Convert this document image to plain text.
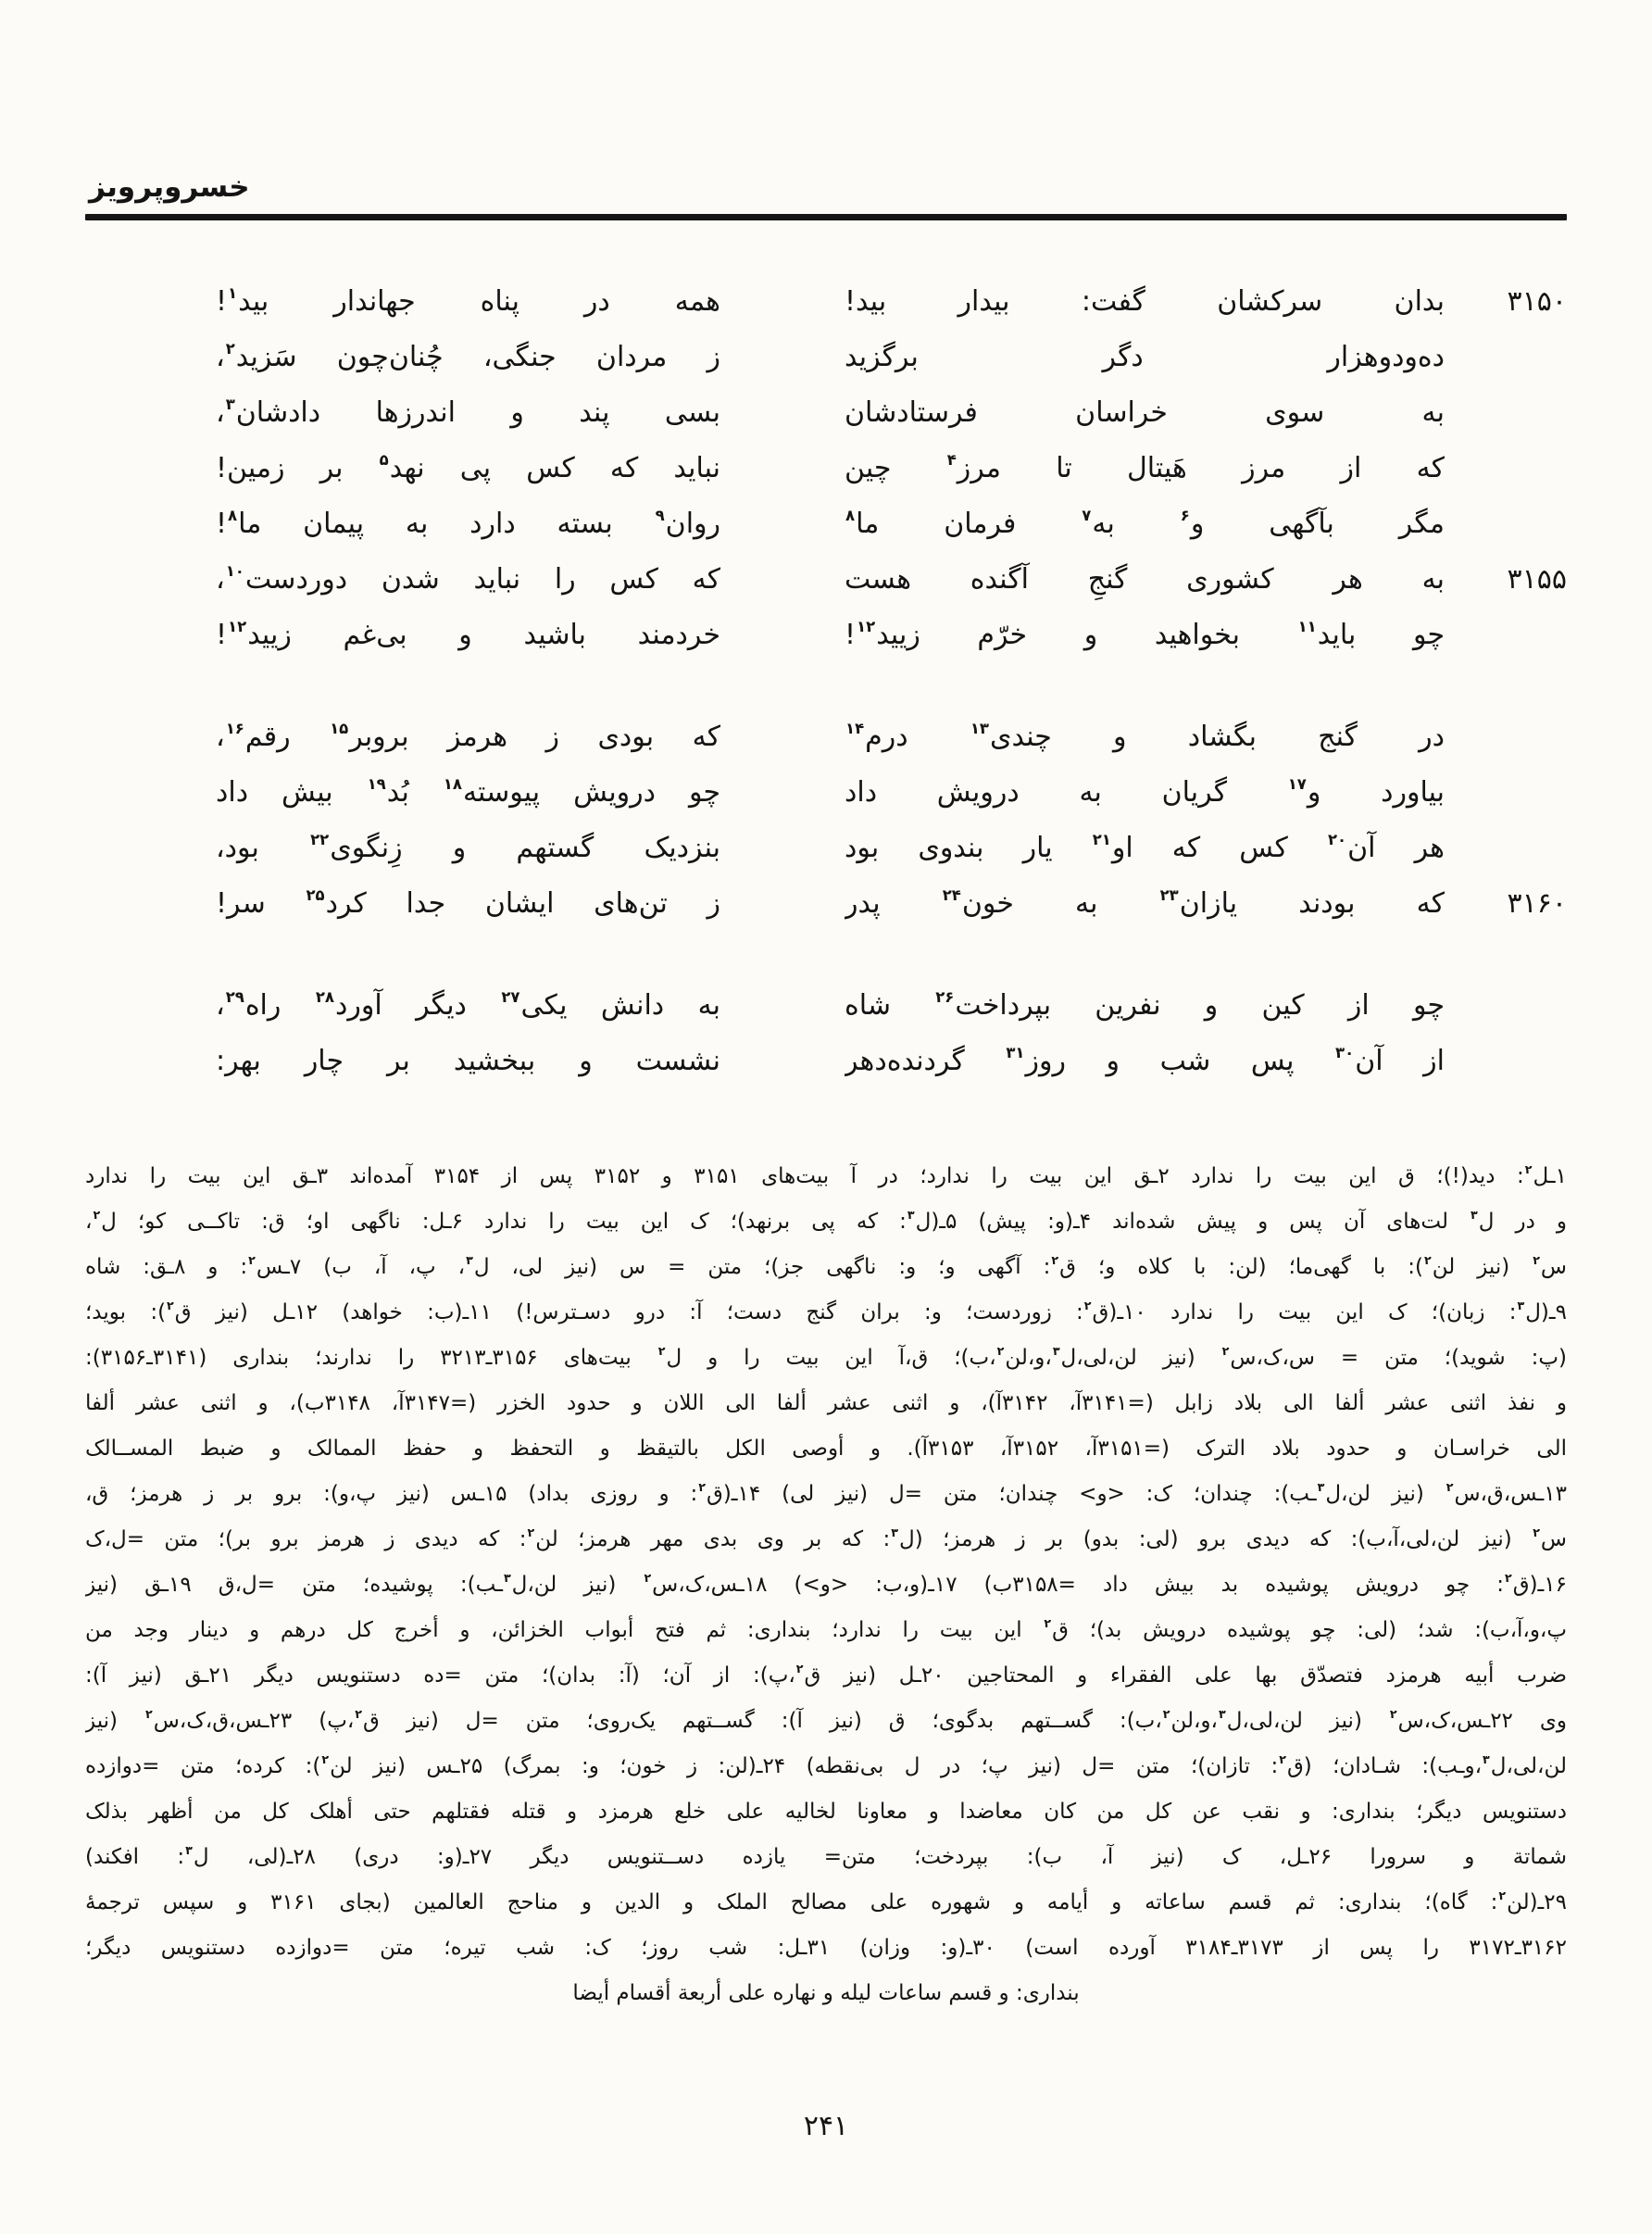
خسروپرویز
۳۱۵۰
بدان سرکشان گفت: بیدار بید!
همه در پناه جهاندار بید$^۱$!
ده‌ودوهزار دگر برگزید
ز مردان جنگی، چُنان‌چون سَزید$^۲$،
به سوی خراسان فرستادشان
بسی پند و اندرزها دادشان$^۳$،
که از مرز هَیتال تا مرز$^۴$ چین
نباید که کس پی نهد$^۵$ بر زمین!
مگر بآگهی و$^۶$ به$^۷$ فرمان ما$^۸$
روان$^۹$ بسته دارد به پیمان ما$^۸$!
۳۱۵۵
به هر کشوری گنجِ آگنده هست
که کس را نباید شدن دوردست$^{۱۰}$،
چو باید$^{۱۱}$ بخواهید و خرّم زیید$^{۱۲}$!
خردمند باشید و بی‌غم زیید$^{۱۲}$!
در گنج بگشاد و چندی$^{۱۳}$ درم$^{۱۴}$
که بودی ز هرمز بروبر$^{۱۵}$ رقم$^{۱۶}$،
بیاورد و$^{۱۷}$ گریان به درویش داد
چو درویش پیوسته$^{۱۸}$ بُد$^{۱۹}$ بیش داد
هر آن$^{۲۰}$ کس که او$^{۲۱}$ یار بندوی بود
بنزدیک گستهم و زِنگوی$^{۲۲}$ بود،
۳۱۶۰
که بودند یازان$^{۲۳}$ به خون$^{۲۴}$ پدر
ز تن‌های ایشان جدا کرد$^{۲۵}$ سر!
چو از کین و نفرین بپرداخت$^{۲۶}$ شاه
به دانش یکی$^{۲۷}$ دیگر آورد$^{۲۸}$ راه$^{۲۹}$،
از آن$^{۳۰}$ پس شب و روز$^{۳۱}$ گردنده‌دهر
نشست و ببخشید بر چار بهر:
۱ـل$^۲$: دید(!)؛ ق این بیت را ندارد ۲ـق این بیت را ندارد؛ در آ بیت‌های ۳۱۵۱ و ۳۱۵۲ پس از ۳۱۵۴ آمده‌اند ۳ـق این بیت را ندارد
و در ل$^۳$ لت‌های آن پس و پیش شده‌اند ۴ـ(و: پیش) ۵ـ(ل$^۳$: که پی برنهد)؛ ک این بیت را ندارد ۶ـل: ناگهی او؛ ق: تاکــی کو؛ ل$^۲$،
س$^۲$ (نیز لن$^۲$): با گهی‌ما؛ (لن: با کلاه و؛ ق$^۲$: آگهی و؛ و: ناگهی جز)؛ متن = س (نیز لی، ل$^۳$، پ، آ، ب) ۷ـس$^۲$: و ۸ـق: شاه
۹ـ(ل$^۳$: زبان)؛ ک این بیت را ندارد ۱۰ـ(ق$^۲$: زوردست؛ و: بران گنج دست؛ آ: درو دسـترس!) ۱۱ـ(ب: خواهد) ۱۲ـل (نیز ق$^۲$): بوید؛
(پ: شوید)؛ متن = س،ک،س$^۲$ (نیز لن،لی،ل$^۳$،و،لن$^۲$،ب)؛ ق،آ این بیت را و ل$^۲$ بیت‌های ۳۱۵۶ـ۳۲۱۳ را ندارند؛ بنداری (۳۱۴۱ـ۳۱۵۶):
و نفذ اثنی عشر ألفا الی بلاد زابل (=۳۱۴۱آ، ۳۱۴۲آ)، و اثنی عشر ألفا الی اللان و حدود الخزر (=۳۱۴۷آ، ۳۱۴۸ب)، و اثنی عشر ألفا
الی خراسـان و حدود بلاد الترک (=۳۱۵۱آ، ۳۱۵۲آ، ۳۱۵۳آ). و أوصی الکل بالتیقظ و التحفظ و حفظ الممالک و ضبط المســالک
۱۳ـس،ق،س$^۲$ (نیز لن،ل$^۳$ـب): چندان؛ ک: <و> چندان؛ متن =ل (نیز لی) ۱۴ـ(ق$^۲$: و روزی بداد) ۱۵ـس (نیز پ،و): برو بر ز هرمز؛ ق،
س$^۲$ (نیز لن،لی،آ،ب): که دیدی برو (لی: بدو) بر ز هرمز؛ (ل$^۳$: که بر وی بدی مهر هرمز؛ لن$^۲$: که دیدی ز هرمز برو بر)؛ متن =ل،ک
۱۶ـ(ق$^۲$: چو درویش پوشیده بد بیش داد =۳۱۵۸ب) ۱۷ـ(و،ب: <و>) ۱۸ـس،ک،س$^۲$ (نیز لن،ل$^۳$ـب): پوشیده؛ متن =ل،ق ۱۹ـق (نیز
پ،و،آ،ب): شد؛ (لی: چو پوشیده درویش بد)؛ ق$^۲$ این بیت را ندارد؛ بنداری: ثم فتح أبواب الخزائن، و أخرج کل درهم و دینار وجد من
ضرب أبیه هرمزد فتصدّق بها علی الفقراء و المحتاجین ۲۰ـل (نیز ق$^۲$،پ): از آن؛ (آ: بدان)؛ متن =ده دستنویس دیگر ۲۱ـق (نیز آ):
وی ۲۲ـس،ک،س$^۲$ (نیز لن،لی،ل$^۳$،و،لن$^۲$،ب): گســتهم بدگوی؛ ق (نیز آ): گســتهم یک‌روی؛ متن =ل (نیز ق$^۲$،پ) ۲۳ـس،ق،ک،س$^۲$ (نیز
لن،لی،ل$^۳$،وـب): شـادان؛ (ق$^۲$: تازان)؛ متن =ل (نیز پ؛ در ل بی‌نقطه) ۲۴ـ(لن: ز خون؛ و: بمرگ) ۲۵ـس (نیز لن$^۲$): کرده؛ متن =دوازده
دستنویس دیگر؛ بنداری: و نقب عن کل من کان معاضدا و معاونا لخالیه علی خلع هرمزد و قتله فقتلهم حتی أهلک کل من أظهر بذلک
شماتة و سرورا ۲۶ـل، ک (نیز آ، ب): بپردخت؛ متن= یازده دســتنویس دیگر ۲۷ـ(و: دری) ۲۸ـ(لی، ل$^۳$: افکند)
۲۹ـ(لن$^۲$: گاه)؛ بنداری: ثم قسم ساعاته و أیامه و شهوره علی مصالح الملک و الدین و مناحج العالمین (بجای ۳۱۶۱ و سپس ترجمهٔ
۳۱۶۲ـ۳۱۷۲ را پس از ۳۱۷۳ـ۳۱۸۴ آورده است) ۳۰ـ(و: وزان) ۳۱ـل: شب روز؛ ک: شب تیره؛ متن =دوازده دستنویس دیگر؛
بنداری: و قسم ساعات لیله و نهاره علی أربعة أقسام أیضا
۲۴۱
